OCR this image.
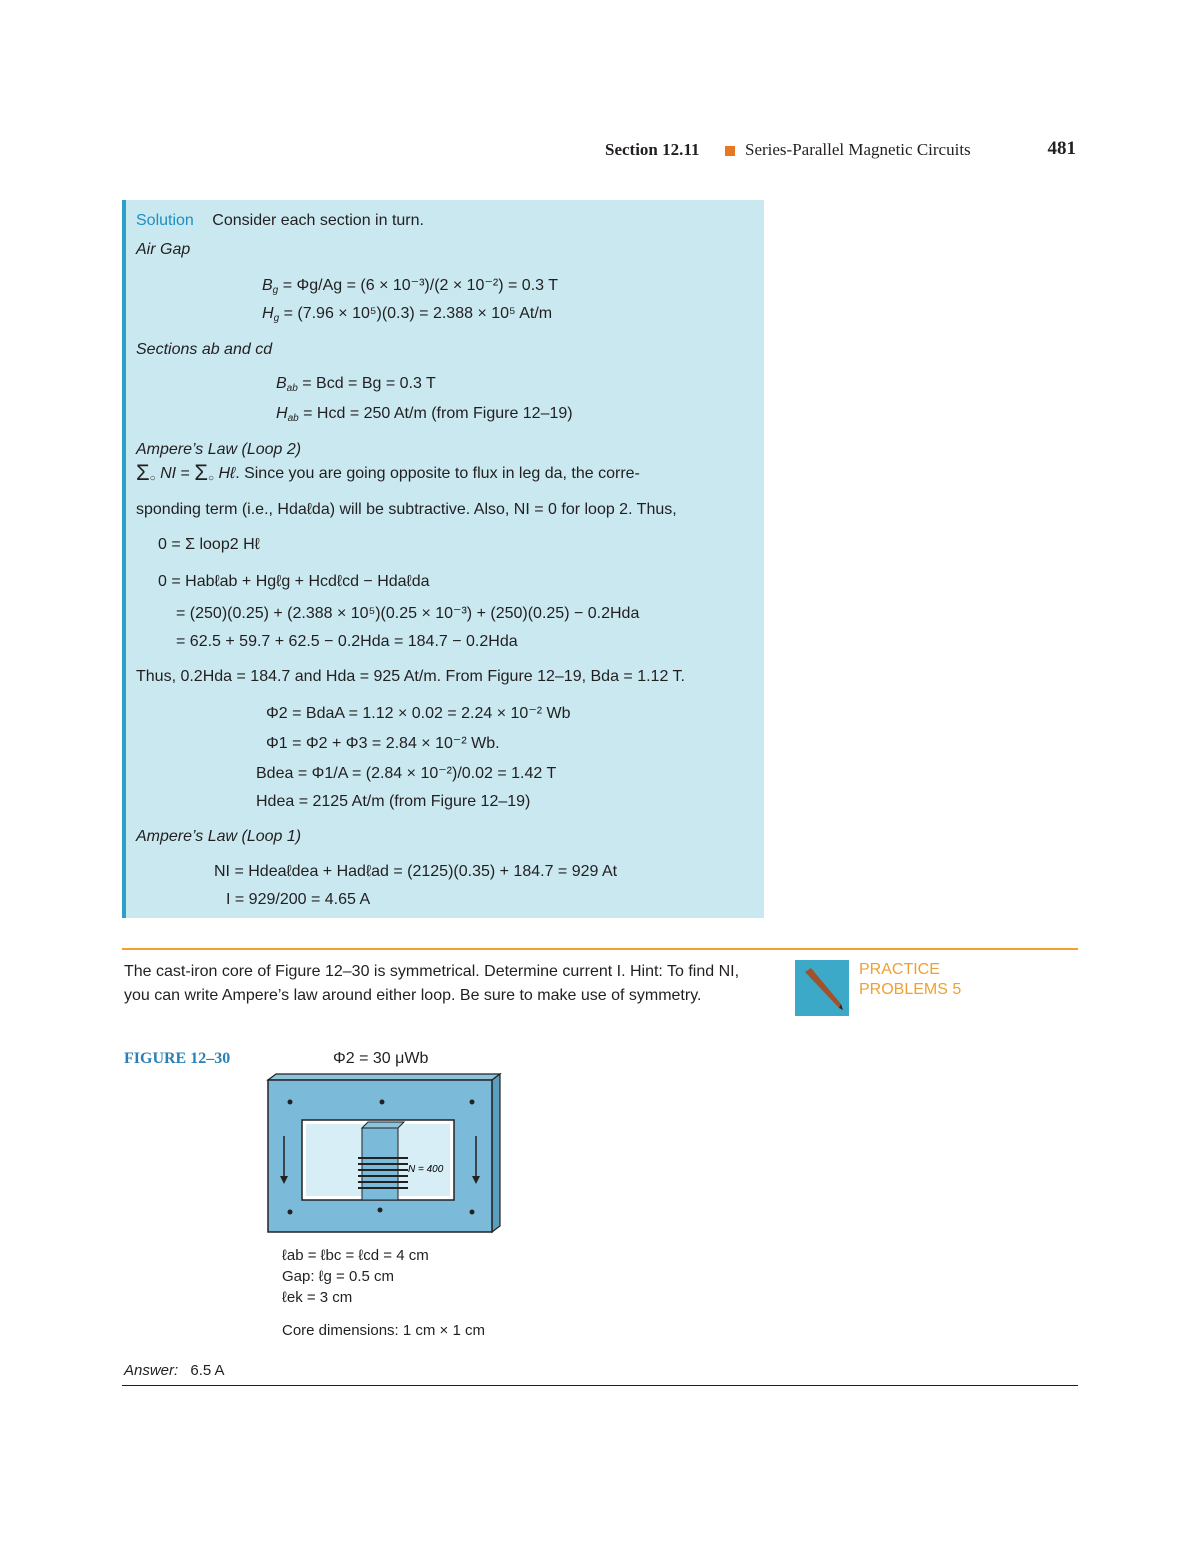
Section 12.11	Series-Parallel Magnetic Circuits	481
Solution Consider each section in turn.
Air Gap
$B_g = \Phi g/Ag = (6 \times 10^{-3})/(2 \times 10^{-2}) = 0.3$ T
$H_g = (7.96 \times 10^5)(0.3) = 2.388 \times 10^5$ At/m
Sections ab and cd
$B_{ab}$ = Bcd = Bg = 0.3 T
$H_{ab}$ = Hcd = 250 At/m (from Figure 12–19)
Ampere’s Law (Loop 2)
$\Sigma_○$ NI = $\Sigma_○$ Hℓ. Since you are going opposite to flux in leg da, the corre-
sponding term (i.e., Hdaℓda) will be subtractive. Also, NI = 0 for loop 2. Thus,
0 = Σ loop2 Hℓ
0 = Habℓab + Hgℓg + Hcdℓcd − Hdaℓda
= (250)(0.25) + (2.388 × 10⁵)(0.25 × 10⁻³) + (250)(0.25) − 0.2Hda
= 62.5 + 59.7 + 62.5 − 0.2Hda = 184.7 − 0.2Hda
Thus, 0.2Hda = 184.7 and Hda = 925 At/m. From Figure 12–19, Bda = 1.12 T.
Φ2 = BdaA = 1.12 × 0.02 = 2.24 × 10⁻² Wb
Φ1 = Φ2 + Φ3 = 2.84 × 10⁻² Wb.
Bdea = Φ1/A = (2.84 × 10⁻²)/0.02 = 1.42 T
Hdea = 2125 At/m (from Figure 12–19)
Ampere’s Law (Loop 1)
NI = Hdeaℓdea + Hadℓad = (2125)(0.35) + 184.7 = 929 At
I = 929/200 = 4.65 A
The cast-iron core of Figure 12–30 is symmetrical. Determine current I. Hint: To find NI, you can write Ampere’s law around either loop. Be sure to make use of symmetry.
PRACTICE
PROBLEMS 5
FIGURE 12–30	Φ2 = 30 μWb
N = 400
ℓab = ℓbc = ℓcd = 4 cm
Gap: ℓg = 0.5 cm
ℓek = 3 cm
Core dimensions: 1 cm × 1 cm
Answer: 6.5 A
